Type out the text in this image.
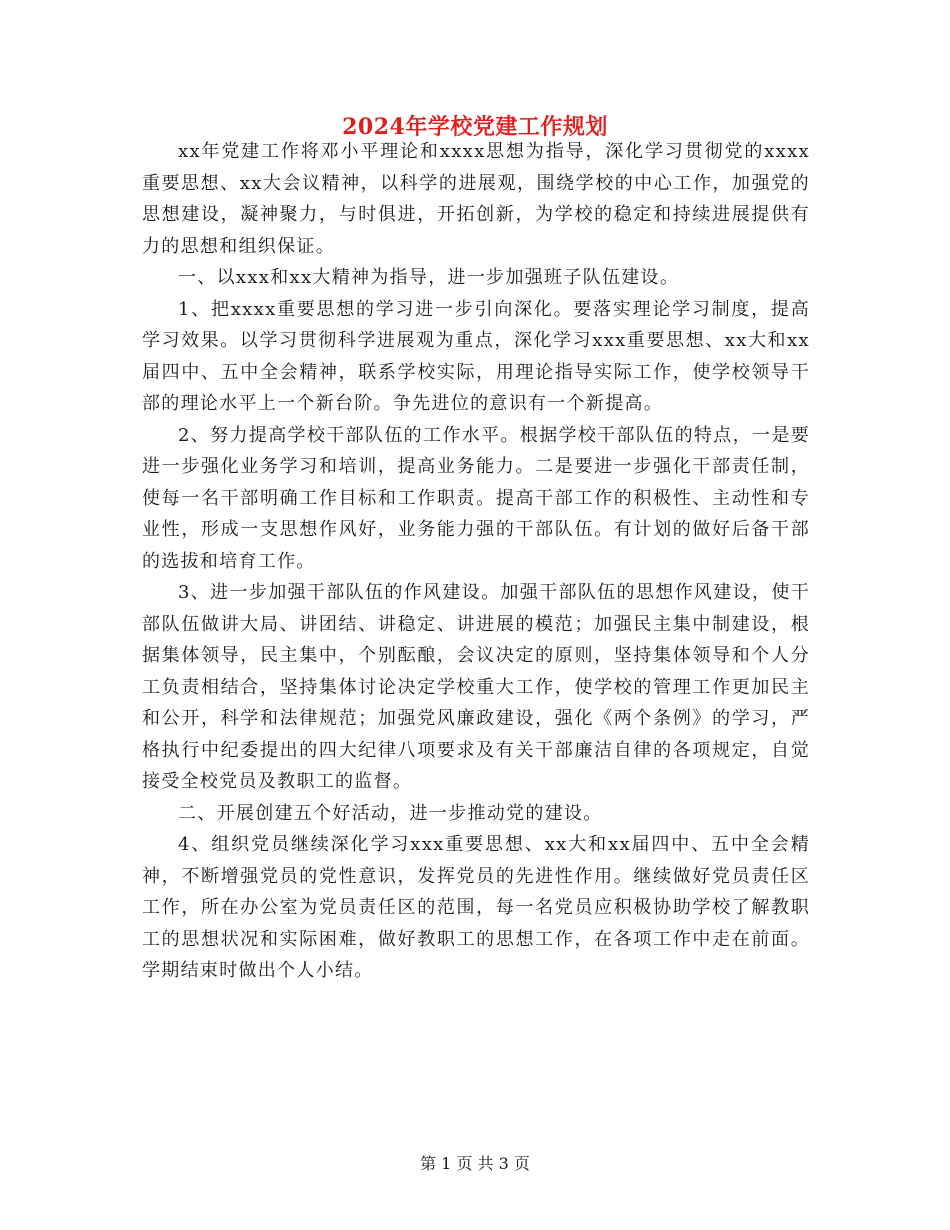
2024年学校党建工作规划

xx年党建工作将邓小平理论和xxxx思想为指导，深化学习贯彻党的xxxx重要思想、xx大会议精神，以科学的进展观，围绕学校的中心工作，加强党的思想建设，凝神聚力，与时俱进，开拓创新，为学校的稳定和持续进展提供有力的思想和组织保证。

一、以xxx和xx大精神为指导，进一步加强班子队伍建设。

1、把xxxx重要思想的学习进一步引向深化。要落实理论学习制度，提高学习效果。以学习贯彻科学进展观为重点，深化学习xxx重要思想、xx大和xx届四中、五中全会精神，联系学校实际，用理论指导实际工作，使学校领导干部的理论水平上一个新台阶。争先进位的意识有一个新提高。

2、努力提高学校干部队伍的工作水平。根据学校干部队伍的特点，一是要进一步强化业务学习和培训，提高业务能力。二是要进一步强化干部责任制，使每一名干部明确工作目标和工作职责。提高干部工作的积极性、主动性和专业性，形成一支思想作风好，业务能力强的干部队伍。有计划的做好后备干部的选拔和培育工作。

3、进一步加强干部队伍的作风建设。加强干部队伍的思想作风建设，使干部队伍做讲大局、讲团结、讲稳定、讲进展的模范；加强民主集中制建设，根据集体领导，民主集中，个别酝酿，会议决定的原则，坚持集体领导和个人分工负责相结合，坚持集体讨论决定学校重大工作，使学校的管理工作更加民主和公开，科学和法律规范；加强党风廉政建设，强化《两个条例》的学习，严格执行中纪委提出的四大纪律八项要求及有关干部廉洁自律的各项规定，自觉接受全校党员及教职工的监督。

二、开展创建五个好活动，进一步推动党的建设。

4、组织党员继续深化学习xxx重要思想、xx大和xx届四中、五中全会精神，不断增强党员的党性意识，发挥党员的先进性作用。继续做好党员责任区工作，所在办公室为党员责任区的范围，每一名党员应积极协助学校了解教职工的思想状况和实际困难，做好教职工的思想工作，在各项工作中走在前面。学期结束时做出个人小结。

第 1 页 共 3 页
